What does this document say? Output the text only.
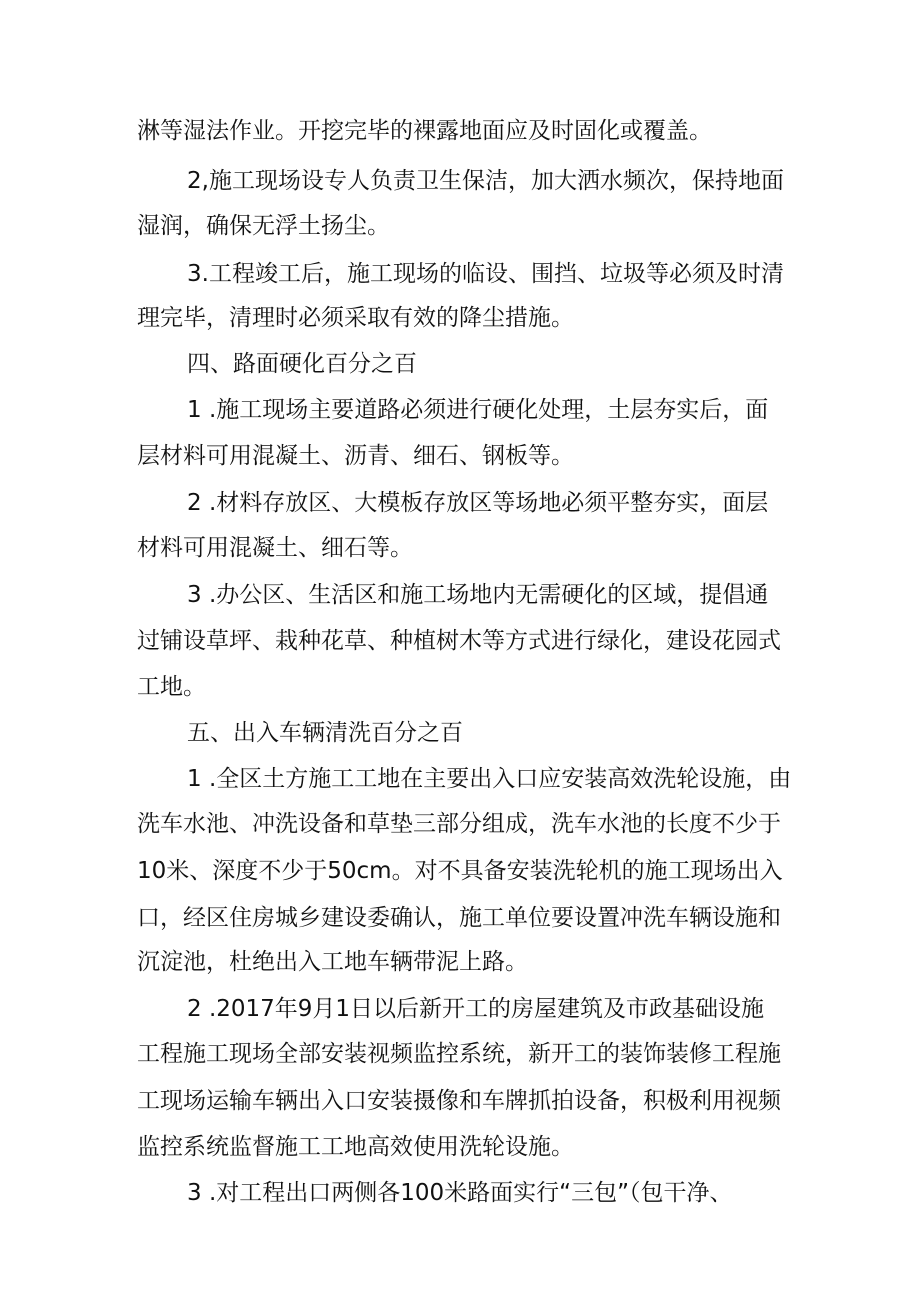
淋等湿法作业。开挖完毕的裸露地面应及时固化或覆盖。

2,施工现场设专人负责卫生保洁，加大洒水频次，保持地面

湿润，确保无浮土扬尘。

3.工程竣工后，施工现场的临设、围挡、垃圾等必须及时清

理完毕，清理时必须采取有效的降尘措施。

四、路面硬化百分之百

1 .施工现场主要道路必须进行硬化处理，土层夯实后，面

层材料可用混凝土、沥青、细石、钢板等。

2 .材料存放区、大模板存放区等场地必须平整夯实，面层

材料可用混凝土、细石等。

3 .办公区、生活区和施工场地内无需硬化的区域，提倡通

过铺设草坪、栽种花草、种植树木等方式进行绿化，建设花园式

工地。

五、出入车辆清洗百分之百

1 .全区土方施工工地在主要出入口应安装高效洗轮设施，由

洗车水池、冲洗设备和草垫三部分组成，洗车水池的长度不少于

10米、深度不少于50cm。对不具备安装洗轮机的施工现场出入

口，经区住房城乡建设委确认，施工单位要设置冲洗车辆设施和

沉淀池，杜绝出入工地车辆带泥上路。

2 .2017年9月1日以后新开工的房屋建筑及市政基础设施

工程施工现场全部安装视频监控系统，新开工的装饰装修工程施

工现场运输车辆出入口安装摄像和车牌抓拍设备，积极利用视频

监控系统监督施工工地高效使用洗轮设施。

3 .对工程出口两侧各100米路面实行“三包”（包干净、
